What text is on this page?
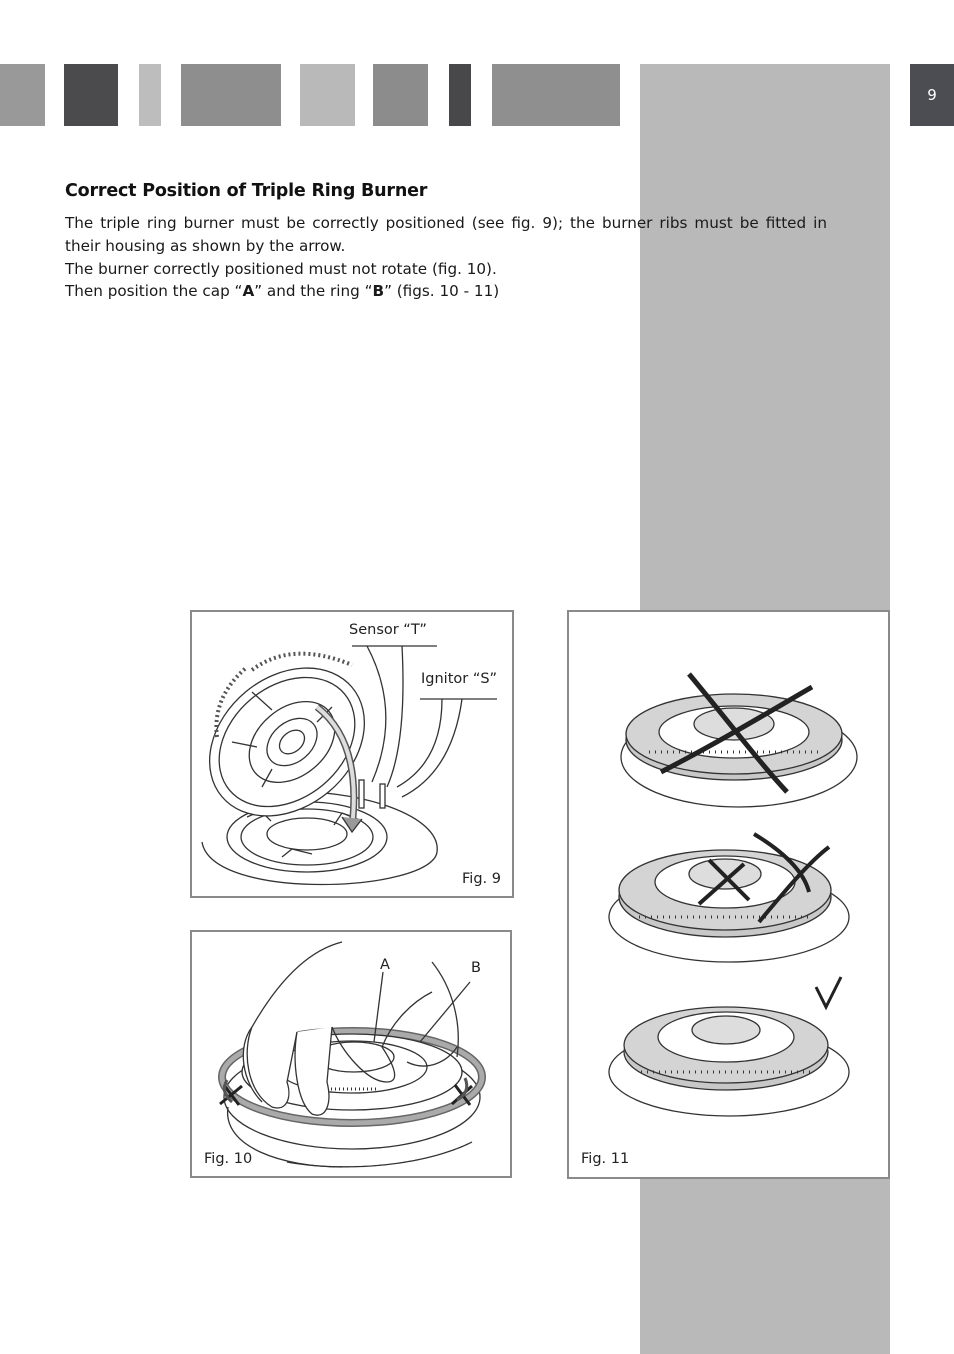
9
Correct Position of Triple Ring Burner

The triple ring burner must be correctly positioned (see fig. 9); the burner ribs must be fitted in their housing as shown by the arrow.

The burner correctly positioned must not rotate (fig. 10).

Then position the cap “A” and the ring “B” (figs. 10 - 11)

Sensor “T”
Ignitor “S”
Fig. 9
A	B
Fig. 10	Fig. 11
